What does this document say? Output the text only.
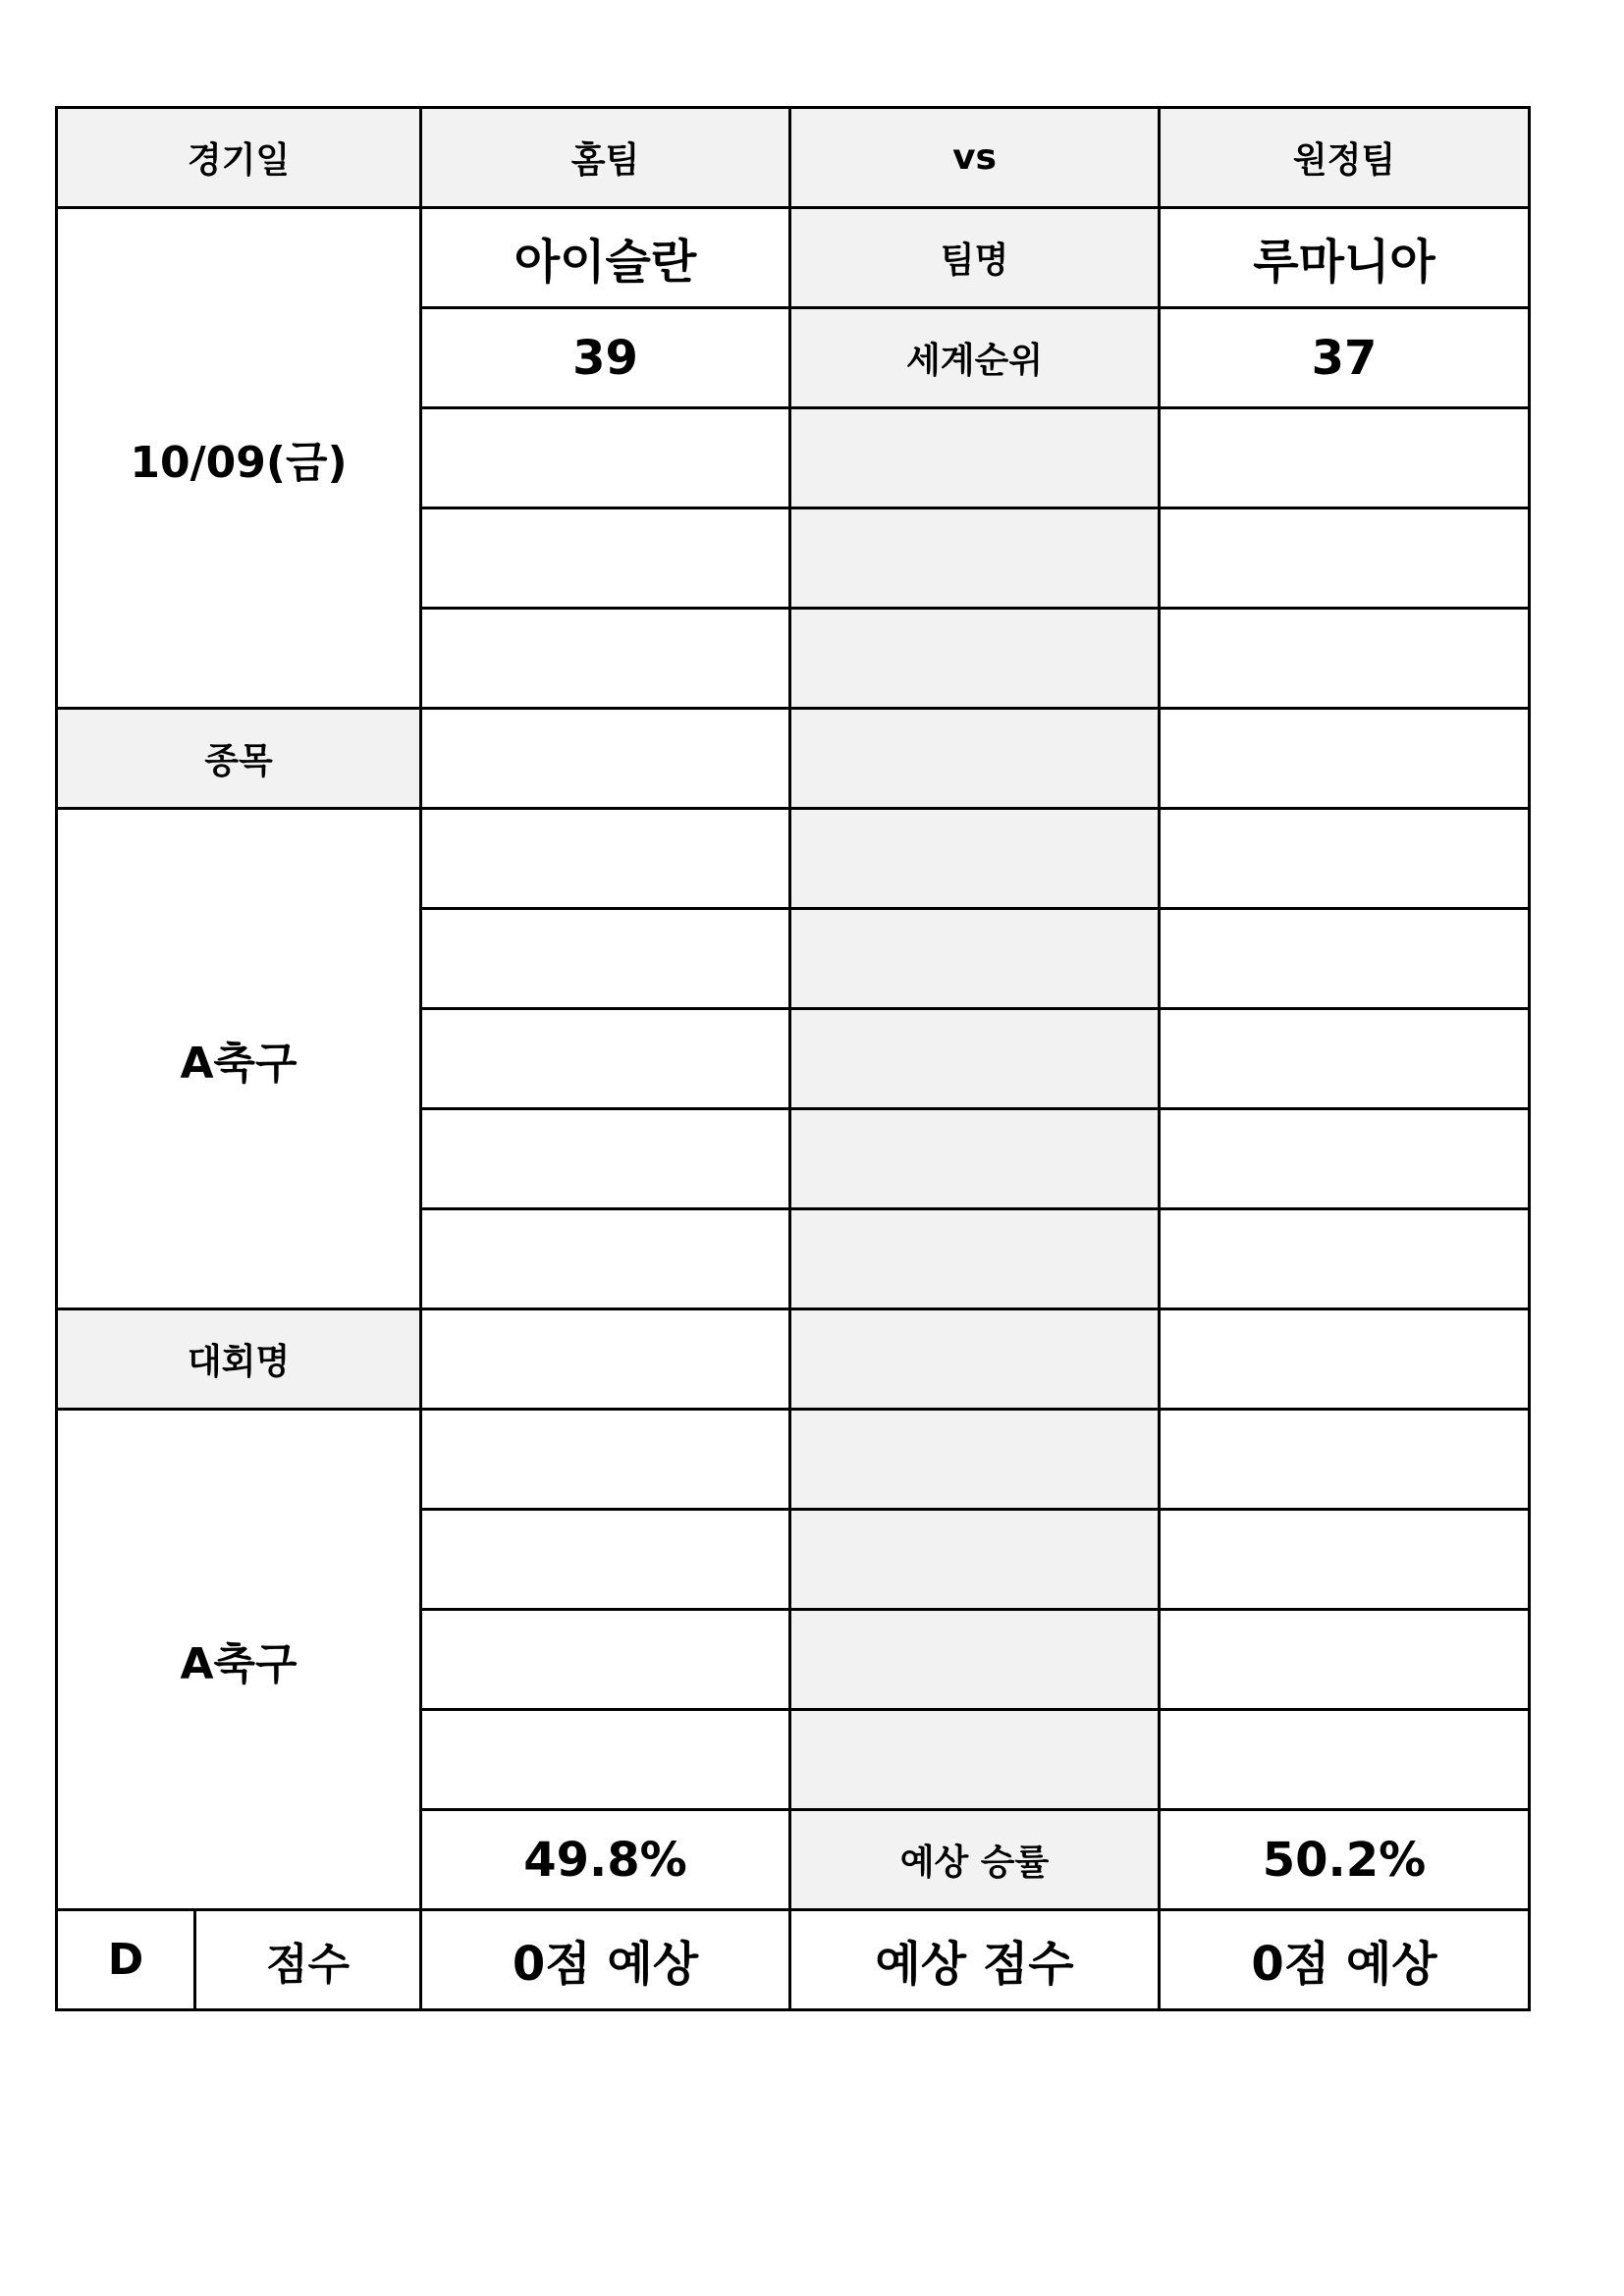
경기일		홈팀	vs	원정팀
10/09(금)		아이슬란	팀명	루마니아
		39	세계순위	37

종목				
A축구				

대회명				
A축구				

		49.8%	예상 승률	50.2%
D	점수	0점 예상	예상 점수	0점 예상
